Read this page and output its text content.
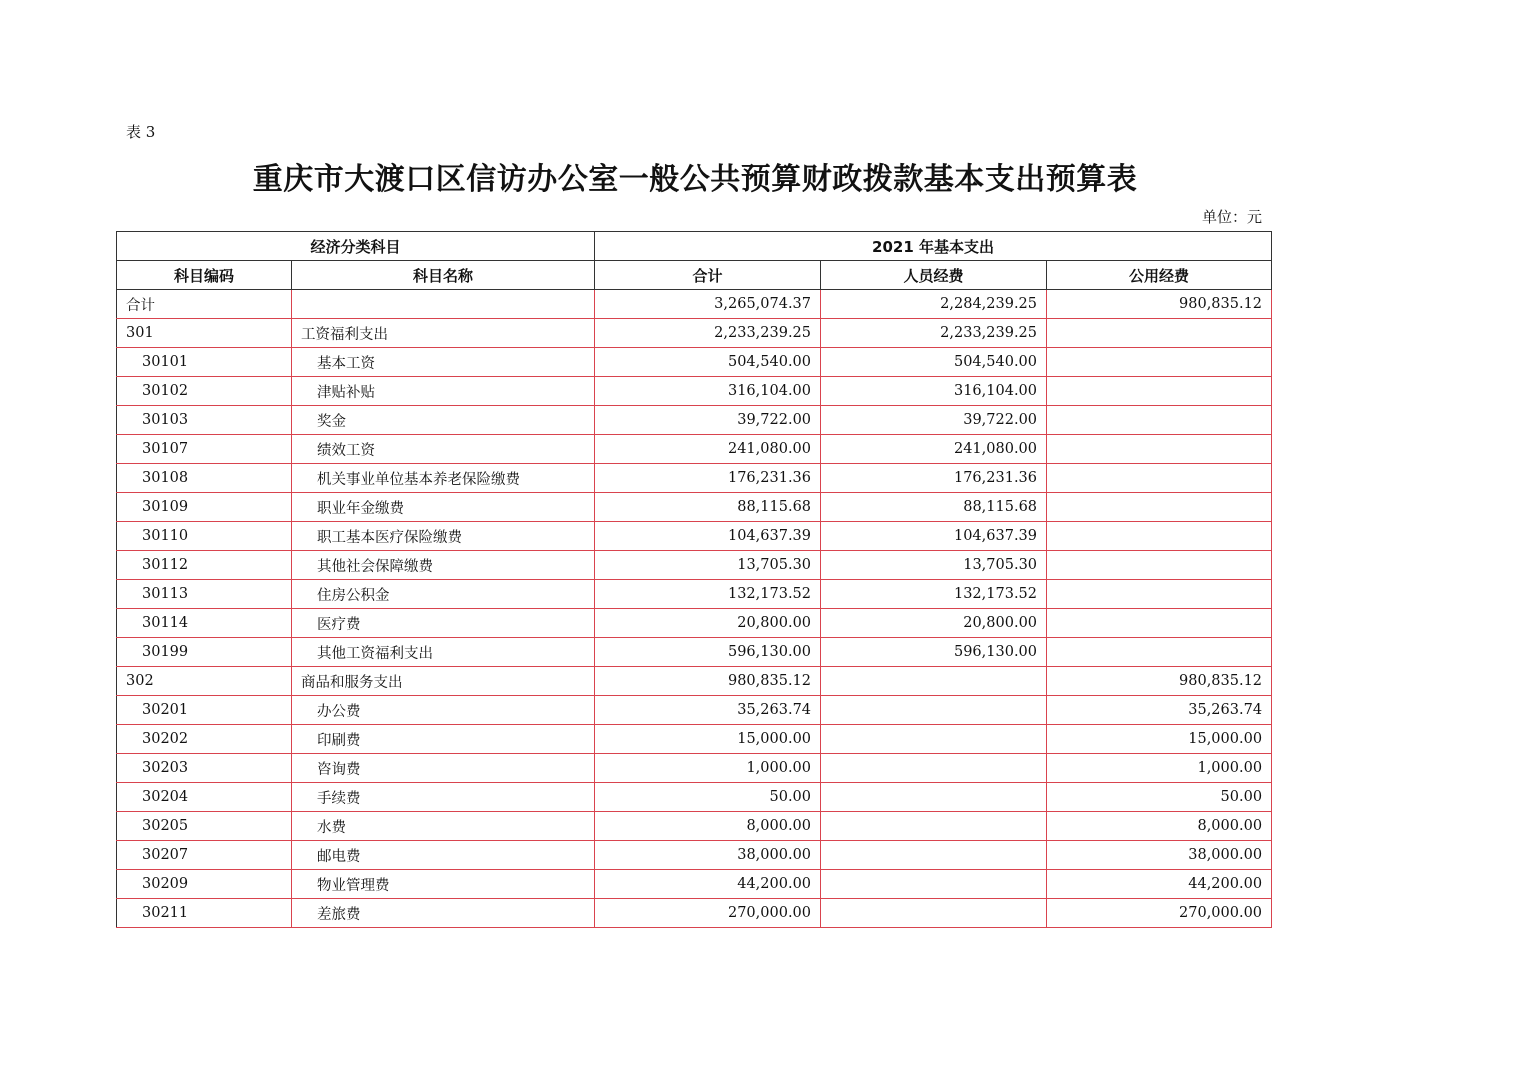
表 3
重庆市大渡口区信访办公室一般公共预算财政拨款基本支出预算表
单位：元
经济分类科目		2021 年基本支出		
科目编码	科目名称	合计	人员经费	公用经费
合计		3,265,074.37	2,284,239.25	980,835.12
301	工资福利支出	2,233,239.25	2,233,239.25	
30101	基本工资	504,540.00	504,540.00	
30102	津贴补贴	316,104.00	316,104.00	
30103	奖金	39,722.00	39,722.00	
30107	绩效工资	241,080.00	241,080.00	
30108	机关事业单位基本养老保险缴费	176,231.36	176,231.36	
30109	职业年金缴费	88,115.68	88,115.68	
30110	职工基本医疗保险缴费	104,637.39	104,637.39	
30112	其他社会保障缴费	13,705.30	13,705.30	
30113	住房公积金	132,173.52	132,173.52	
30114	医疗费	20,800.00	20,800.00	
30199	其他工资福利支出	596,130.00	596,130.00	
302	商品和服务支出	980,835.12		980,835.12
30201	办公费	35,263.74		35,263.74
30202	印刷费	15,000.00		15,000.00
30203	咨询费	1,000.00		1,000.00
30204	手续费	50.00		50.00
30205	水费	8,000.00		8,000.00
30207	邮电费	38,000.00		38,000.00
30209	物业管理费	44,200.00		44,200.00
30211	差旅费	270,000.00		270,000.00
